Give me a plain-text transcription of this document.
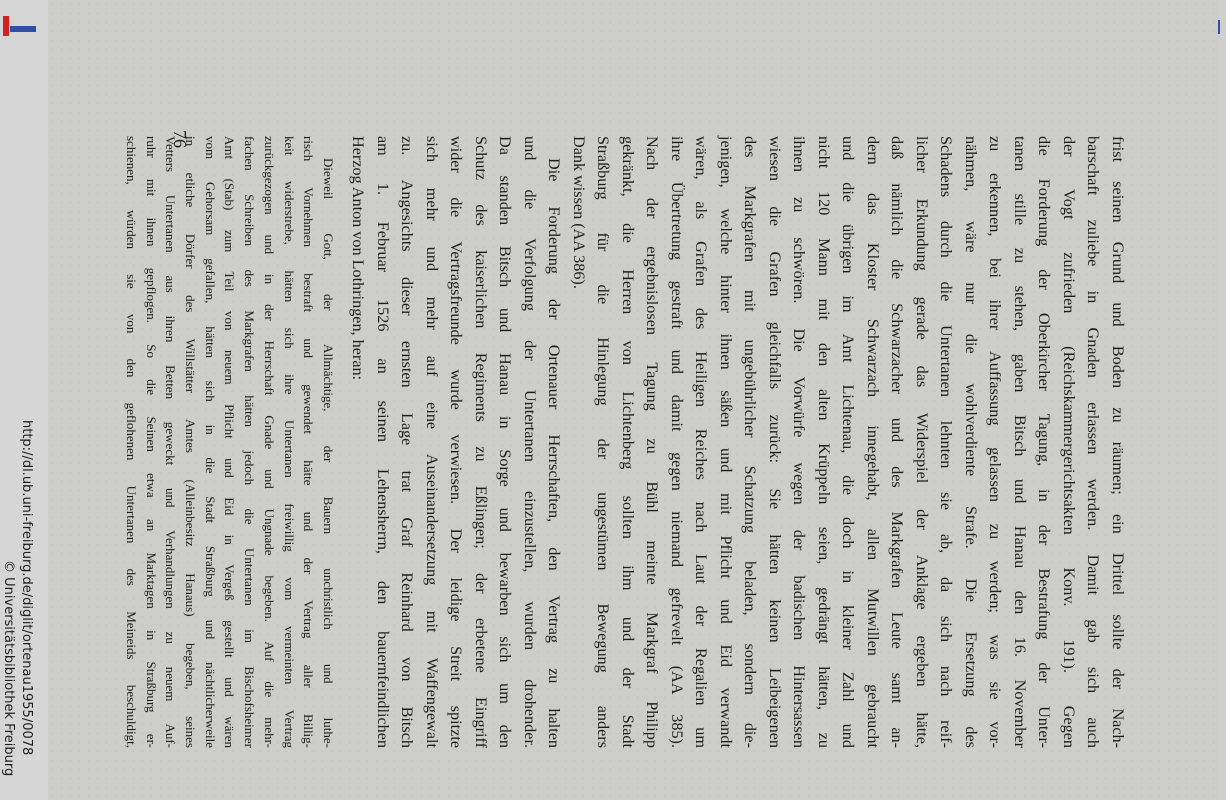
frist seinen Grund und Boden zu räumen; ein Drittel sollte der Nach-
barschaft zuliebe in Gnaden erlassen werden. Damit gab sich auch
der Vogt zufrieden (Reichskammergerichtsakten Konv. 191). Gegen
die Forderung der Oberkircher Tagung, in der Bestrafung der Unter-
tanen stille zu stehen, gaben Bitsch und Hanau den 16. November
zu erkennen, bei ihrer Auffassung gelassen zu werden; was sie vor-
nähmen, wäre nur die wohlverdiente Strafe. Die Ersetzung des
Schadens durch die Untertanen lehnten sie ab, da sich nach reif-
licher Erkundung gerade das Widerspiel der Anklage ergeben hätte,
daß nämlich die Schwarzacher und des Markgrafen Leute samt an-
dern das Kloster Schwarzach innegehabt, allen Mutwillen gebraucht
und die übrigen im Amt Lichtenau, die doch in kleiner Zahl und
nicht 120 Mann mit den alten Krüppeln seien, gedrängt hätten, zu
ihnen zu schwören. Die Vorwürfe wegen der badischen Hintersassen
wiesen die Grafen gleichfalls zurück: Sie hätten keinen Leibeigenen
des Markgrafen mit ungebührlicher Schatzung beladen, sondern die-
jenigen, welche hinter ihnen säßen und mit Pflicht und Eid verwandt
wären, als Grafen des Heiligen Reiches nach Laut der Regalien um
ihre Übertretung gestraft und damit gegen niemand gefrevelt (AA 385).
Nach der ergebnislosen Tagung zu Bühl meinte Markgraf Philipp
gekränkt, die Herren von Lichtenberg sollten ihm und der Stadt
Straßburg für die Hinlegung der ungestümen Bewegung anders
Dank wissen (AA 386).
Die Forderung der Ortenauer Herrschaften, den Vertrag zu halten
und die Verfolgung der Untertanen einzustellen, wurden drohender.
Da standen Bitsch und Hanau in Sorge und bewarben sich um den
Schutz des kaiserlichen Regiments zu Eßlingen; der erbetene Eingriff
wider die Vertragsfreunde wurde verwiesen. Der leidige Streit spitzte
sich mehr und mehr auf eine Auseinandersetzung mit Waffengewalt
zu. Angesichts dieser ernsten Lage trat Graf Reinhard von Bitsch
am 1. Februar 1526 an seinen Lehensherrn, den bauernfeindlichen
Herzog Anton von Lothringen, heran:
Dieweil Gott, der Allmächtige, der Bauern unchristlich und luthe-
risch Vornehmen bestraft und gewendet hätte und der Vertrag aller Billig-
keit widerstrebe, hätten sich ihre Untertanen freiwillig vom vermeinten Vertrag
zurückgezogen und in der Herrschaft Gnade und Ungnade begeben. Auf die mehr-
fachen Schreiben des Markgrafen hätten jedoch die Untertanen im Bischofsheimer
Amt (Stab) zum Teil von neuem Pflicht und Eid in Vergeß gestellt und wären
vom Gehorsam gefallen, hätten sich in die Stadt Straßburg und nächtlicherweile
in etliche Dörfer des Willstätter Amtes (Alleinbesitz Hanaus) begeben, seines
Vetters Untertanen aus ihren Betten geweckt und Verhandlungen zu neuem Auf-
ruhr mit ihnen gepflogen. So die Seinen etwa an Marktagen in Straßburg er-
schienen, würden sie von den geflohenen Untertanen des Meineids beschuldigt, 76
http://dl.ub.uni-freiburg.de/diglit/ortenau1955/0078
© Universitätsbibliothek Freiburg
